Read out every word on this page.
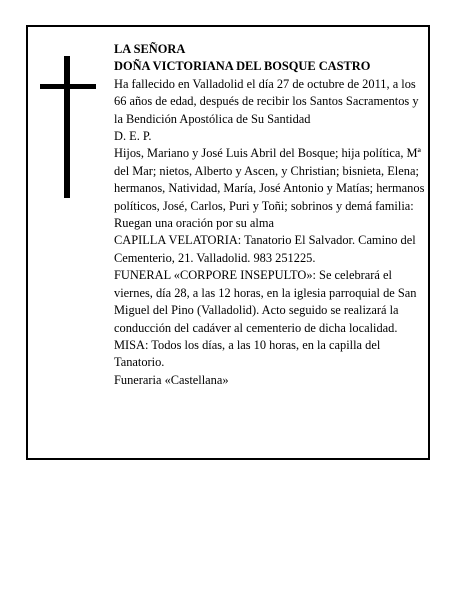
LA SEÑORA

DOÑA VICTORIANA DEL BOSQUE CASTRO

Ha fallecido en Valladolid el día 27 de octubre de 2011, a los 66 años de edad, después de recibir los Santos Sacramentos y la Bendición Apostólica de Su Santidad

D. E. P.

Hijos, Mariano y José Luis Abril del Bosque; hija política, Mª del Mar; nietos, Alberto y Ascen, y Christian; bisnieta, Elena; hermanos, Natividad, María, José Antonio y Matías; hermanos políticos, José, Carlos, Puri y Toñi; sobrinos y demá familia:

Ruegan una oración por su alma

CAPILLA VELATORIA: Tanatorio El Salvador. Camino del Cementerio, 21. Valladolid. 983 251225.

FUNERAL «CORPORE INSEPULTO»: Se celebrará el viernes, día 28, a las 12 horas, en la iglesia parroquial de San Miguel del Pino (Valladolid). Acto seguido se realizará la conducción del cadáver al cementerio de dicha localidad.

MISA: Todos los días, a las 10 horas, en la capilla del Tanatorio.

Funeraria «Castellana»
